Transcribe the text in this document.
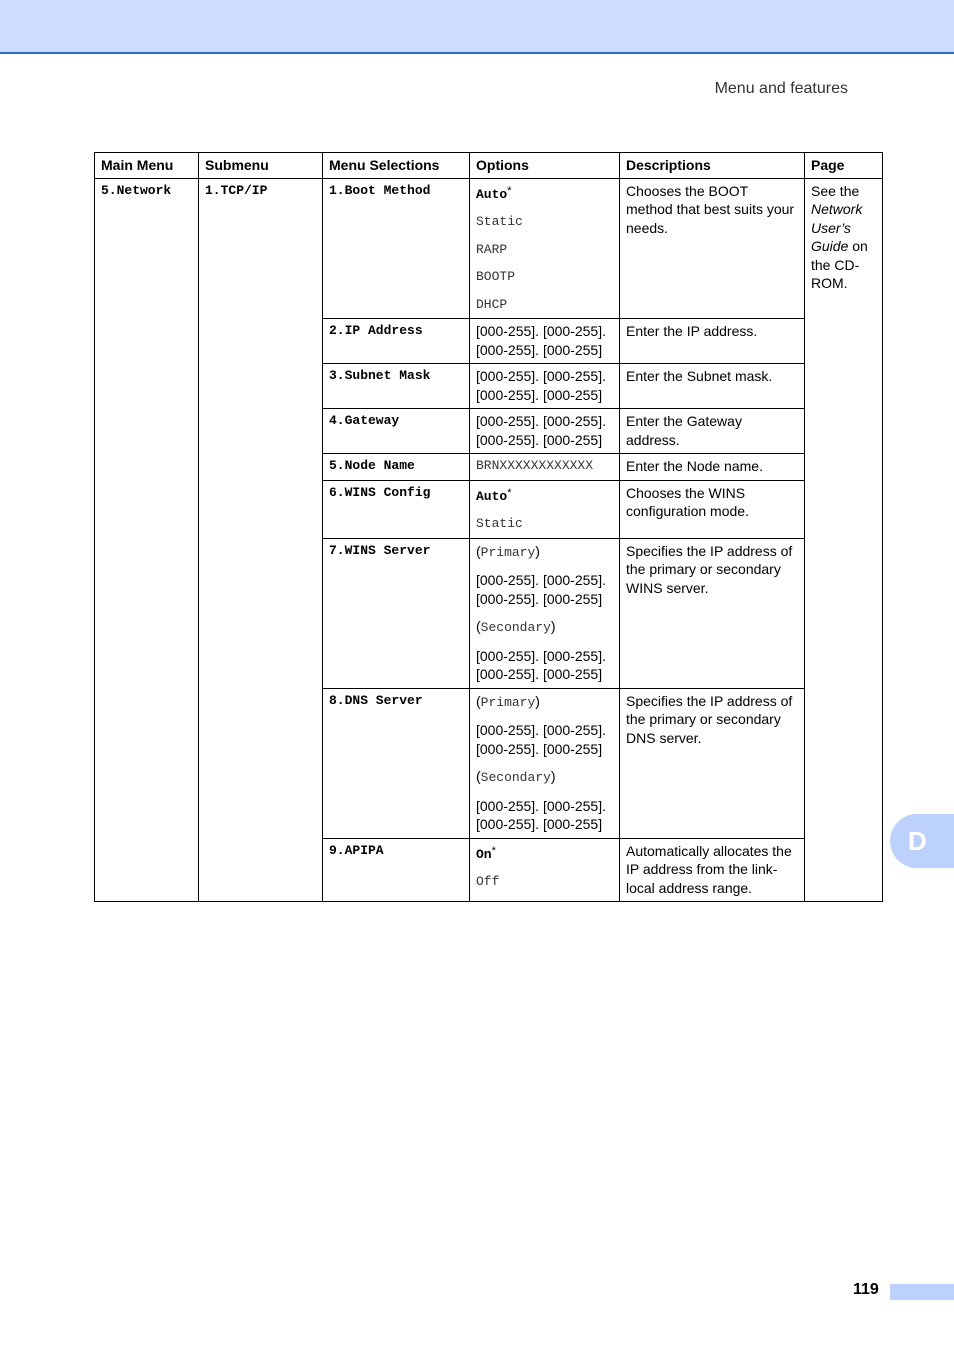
Menu and features
Main Menu	Submenu	Menu Selections	Options	Descriptions	Page
5.Network	1.TCP/IP	1.Boot Method	Auto*
Static
RARP
BOOTP
DHCP	Chooses the BOOT method that best suits your needs.	See the Network User’s Guide on the CD-ROM.
		2.IP Address	[000-255]. [000-255]. [000-255]. [000-255]	Enter the IP address.	
		3.Subnet Mask	[000-255]. [000-255]. [000-255]. [000-255]	Enter the Subnet mask.	
		4.Gateway	[000-255]. [000-255]. [000-255]. [000-255]	Enter the Gateway address.	
		5.Node Name	BRNXXXXXXXXXXXX	Enter the Node name.	
		6.WINS Config	Auto*
Static	Chooses the WINS configuration mode.	
		7.WINS Server	(Primary)
[000-255]. [000-255]. [000-255]. [000-255]
(Secondary)
[000-255]. [000-255]. [000-255]. [000-255]	Specifies the IP address of the primary or secondary WINS server.	
		8.DNS Server	(Primary)
[000-255]. [000-255]. [000-255]. [000-255]
(Secondary)
[000-255]. [000-255]. [000-255]. [000-255]	Specifies the IP address of the primary or secondary DNS server.	
		9.APIPA	On*
Off	Automatically allocates the IP address from the link-local address range.	
D
119
